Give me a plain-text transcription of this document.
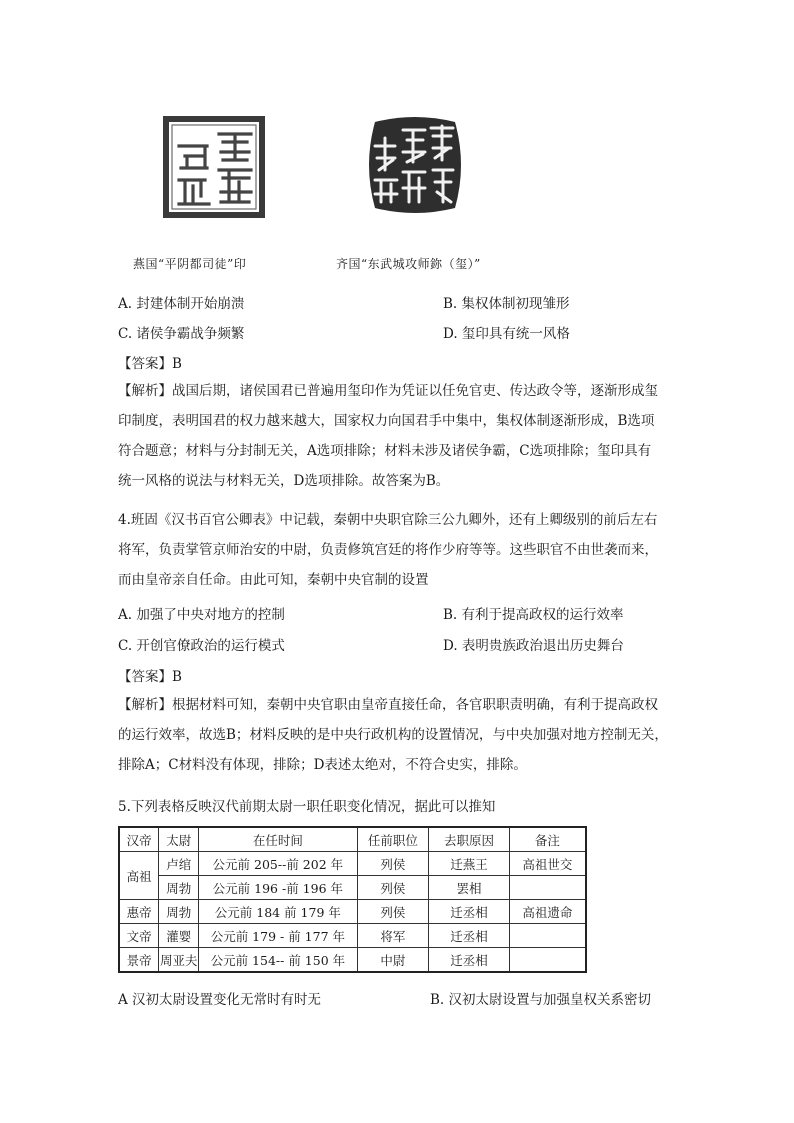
燕国“平阴都司徒”印	齐国“东武城攻师鉨（玺）”
A. 封建体制开始崩溃	B. 集权体制初现雏形
C. 诸侯争霸战争频繁	D. 玺印具有统一风格
【答案】B

【解析】战国后期，诸侯国君已普遍用玺印作为凭证以任免官吏、传达政令等，逐渐形成玺

印制度，表明国君的权力越来越大，国家权力向国君手中集中，集权体制逐渐形成，B选项

符合题意；材料与分封制无关，A选项排除；材料未涉及诸侯争霸，C选项排除；玺印具有

统一风格的说法与材料无关，D选项排除。故答案为B。

4.班固《汉书百官公卿表》中记载，秦朝中央职官除三公九卿外，还有上卿级别的前后左右

将军，负责掌管京师治安的中尉，负责修筑宫廷的将作少府等等。这些职官不由世袭而来，

而由皇帝亲自任命。由此可知，秦朝中央官制的设置

A. 加强了中央对地方的控制	B. 有利于提高政权的运行效率
C. 开创官僚政治的运行模式	D. 表明贵族政治退出历史舞台
【答案】B

【解析】根据材料可知，秦朝中央官职由皇帝直接任命，各官职职责明确，有利于提高政权

的运行效率，故选B；材料反映的是中央行政机构的设置情况，与中央加强对地方控制无关，

排除A；C材料没有体现，排除；D表述太绝对，不符合史实，排除。

5.下列表格反映汉代前期太尉一职任职变化情况，据此可以推知
汉帝	太尉	在任时间	任前职位	去职原因	备注
高祖	卢绾	公元前 205--前 202 年	列侯	迁燕王	高祖世交
	周勃	公元前 196 -前 196 年	列侯	罢相	
惠帝	周勃	公元前 184 前 179 年	列侯	迁丞相	高祖遗命
文帝	灌婴	公元前 179 - 前 177 年	将军	迁丞相	
景帝	周亚夫	公元前 154-- 前 150 年	中尉	迁丞相	
A 汉初太尉设置变化无常时有时无	B. 汉初太尉设置与加强皇权关系密切
